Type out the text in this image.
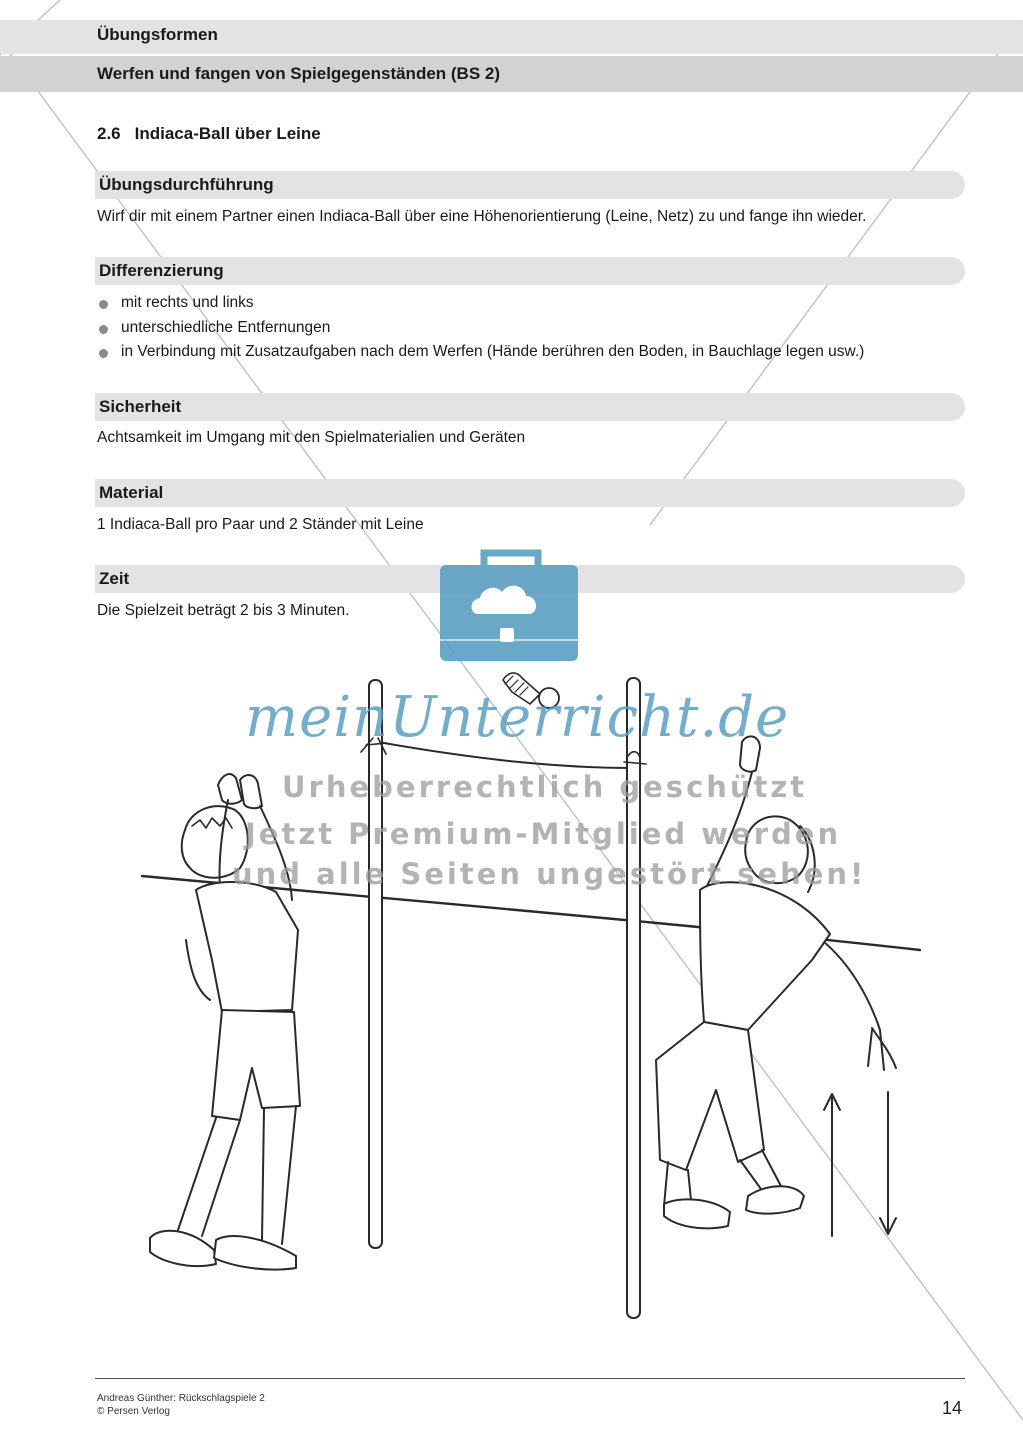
Übungsformen
Werfen und fangen von Spielgegenständen (BS 2)
2.6 Indiaca-Ball über Leine
Übungsdurchführung
Wirf dir mit einem Partner einen Indiaca-Ball über eine Höhenorientierung (Leine, Netz) zu und fange ihn wieder.
Differenzierung
mit rechts und links
unterschiedliche Entfernungen
in Verbindung mit Zusatzaufgaben nach dem Werfen (Hände berühren den Boden, in Bauchlage legen usw.)
Sicherheit
Achtsamkeit im Umgang mit den Spielmaterialien und Geräten
Material
1 Indiaca-Ball pro Paar und 2 Ständer mit Leine
Zeit
Die Spielzeit beträgt 2 bis 3 Minuten.
meinUnterricht.de
Urheberrechtlich geschützt
Jetzt Premium-Mitglied werden
und alle Seiten ungestört sehen!
Andreas Günther: Rückschlagspiele 2
© Persen Verlog	14
